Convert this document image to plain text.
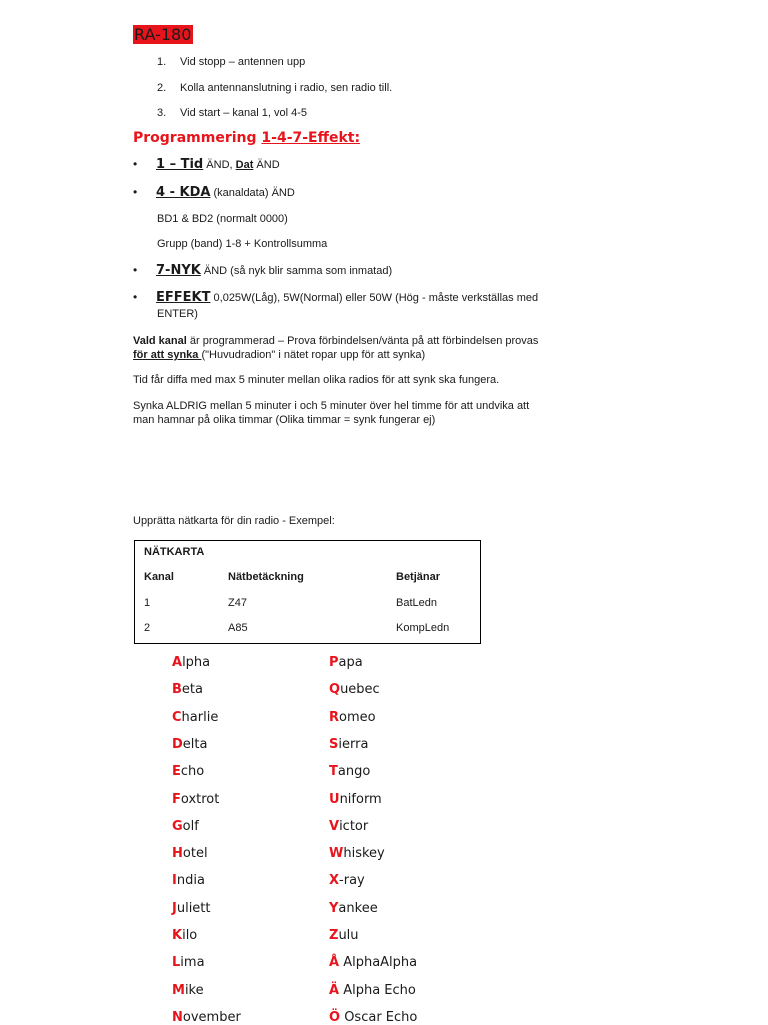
RA-180
1. Vid stopp – antennen upp
2. Kolla antennanslutning i radio, sen radio till.
3. Vid start – kanal 1, vol 4-5
Programmering 1-4-7-Effekt:
• 1 – Tid ÄND, Dat ÄND
• 4 - KDA (kanaldata) ÄND
BD1 & BD2 (normalt 0000)
Grupp (band) 1-8 + Kontrollsumma
• 7-NYK ÄND (så nyk blir samma som inmatad)
• EFFEKT 0,025W(Låg), 5W(Normal) eller 50W (Hög - måste verkställas med
ENTER)
Vald kanal är programmerad – Prova förbindelsen/vänta på att förbindelsen provas
för att synka ("Huvudradion" i nätet ropar upp för att synka)
Tid får diffa med max 5 minuter mellan olika radios för att synk ska fungera.
Synka ALDRIG mellan 5 minuter i och 5 minuter över hel timme för att undvika att
man hamnar på olika timmar (Olika timmar = synk fungerar ej)
Upprätta nätkarta för din radio - Exempel:
NÄTKARTA
Kanal	Nätbetäckning	Betjänar
1	Z47	BatLedn
2	A85	KompLedn
Alpha
Beta
Charlie
Delta
Echo
Foxtrot
Golf
Hotel
India
Juliett
Kilo
Lima
Mike
November
Papa
Quebec
Romeo
Sierra
Tango
Uniform
Victor
Whiskey
X-ray
Yankee
Zulu
Å AlphaAlpha
Ä Alpha Echo
Ö Oscar Echo
